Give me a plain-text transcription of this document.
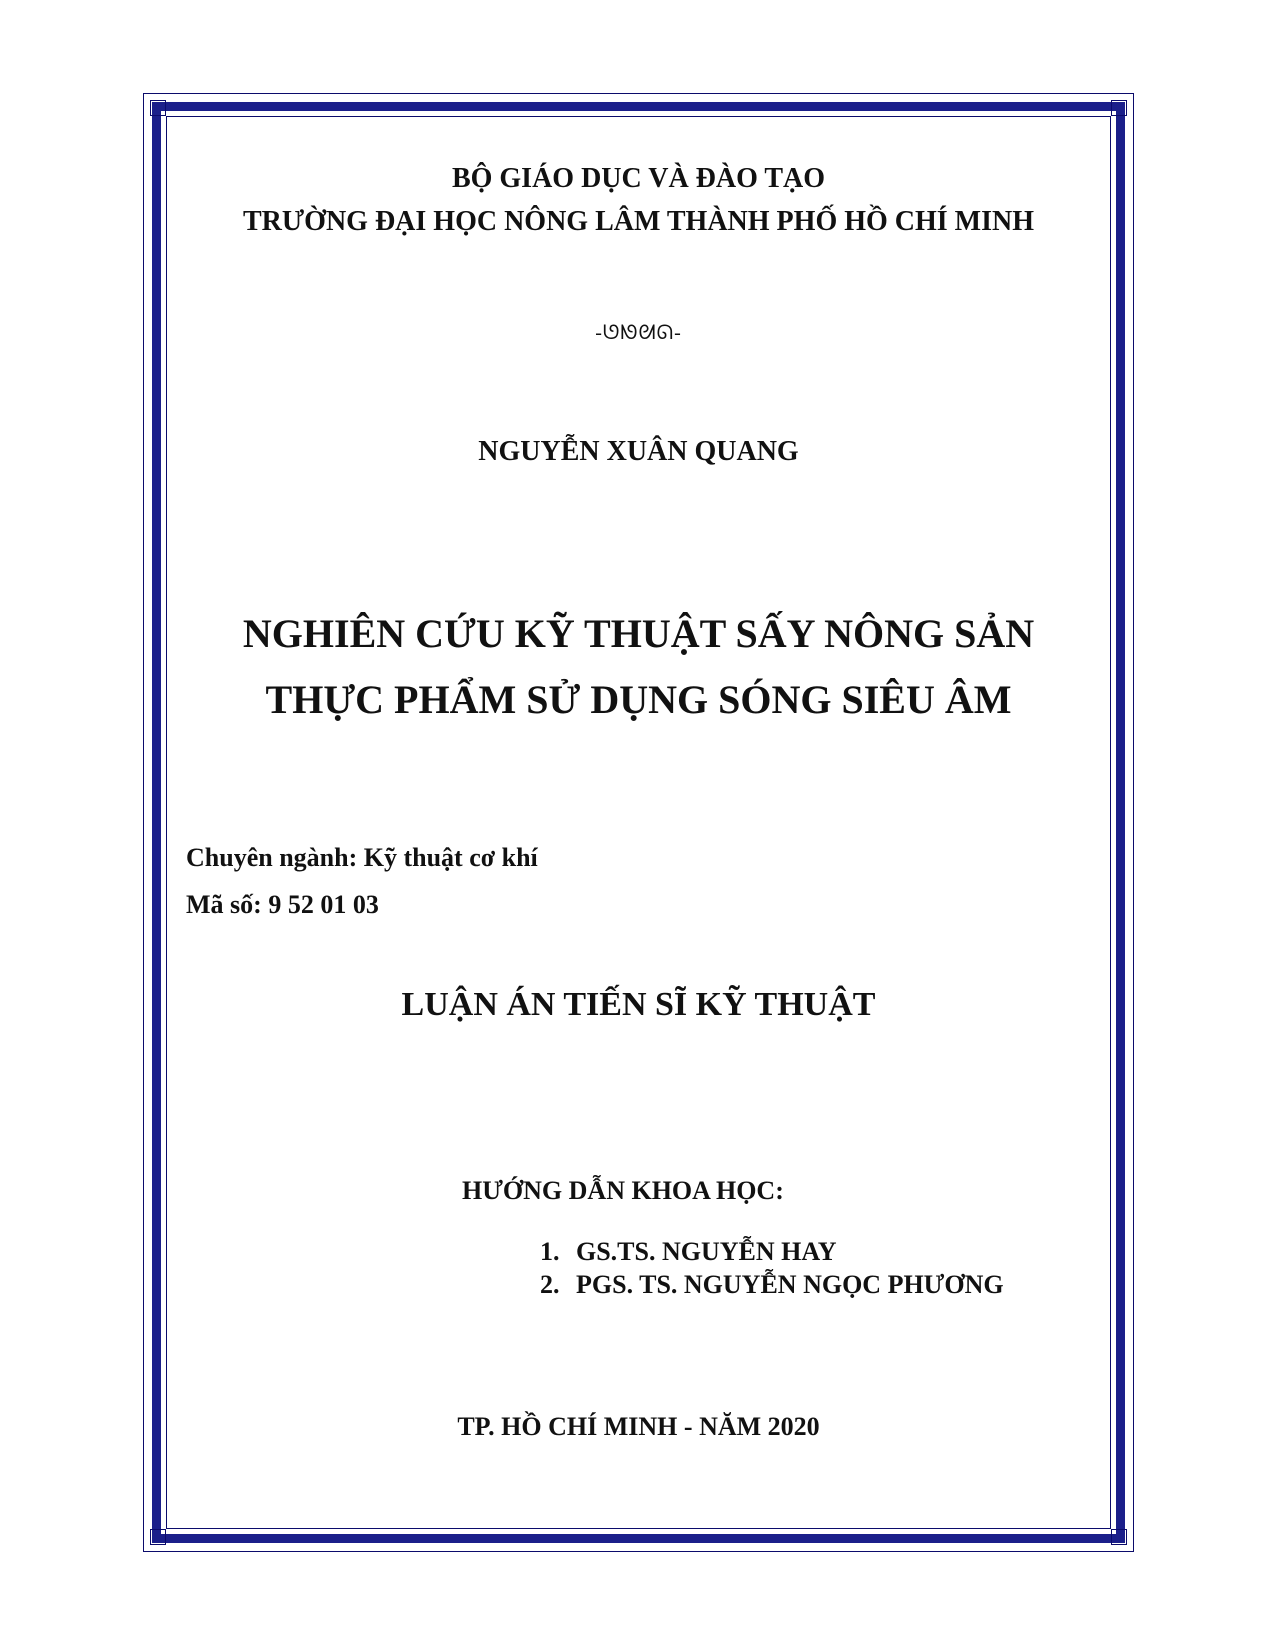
BỘ GIÁO DỤC VÀ ĐÀO TẠO
TRƯỜNG ĐẠI HỌC NÔNG LÂM THÀNH PHỐ HỒ CHÍ MINH
-ᘎᘚᘛᘏ-
NGUYỄN XUÂN QUANG
NGHIÊN CỨU KỸ THUẬT SẤY NÔNG SẢN
THỰC PHẨM SỬ DỤNG SÓNG SIÊU ÂM
Chuyên ngành: Kỹ thuật cơ khí
Mã số: 9 52 01 03
LUẬN ÁN TIẾN SĨ KỸ THUẬT
HƯỚNG DẪN KHOA HỌC:
1. GS.TS. NGUYỄN HAY
2. PGS. TS. NGUYỄN NGỌC PHƯƠNG
TP. HỒ CHÍ MINH - NĂM 2020
